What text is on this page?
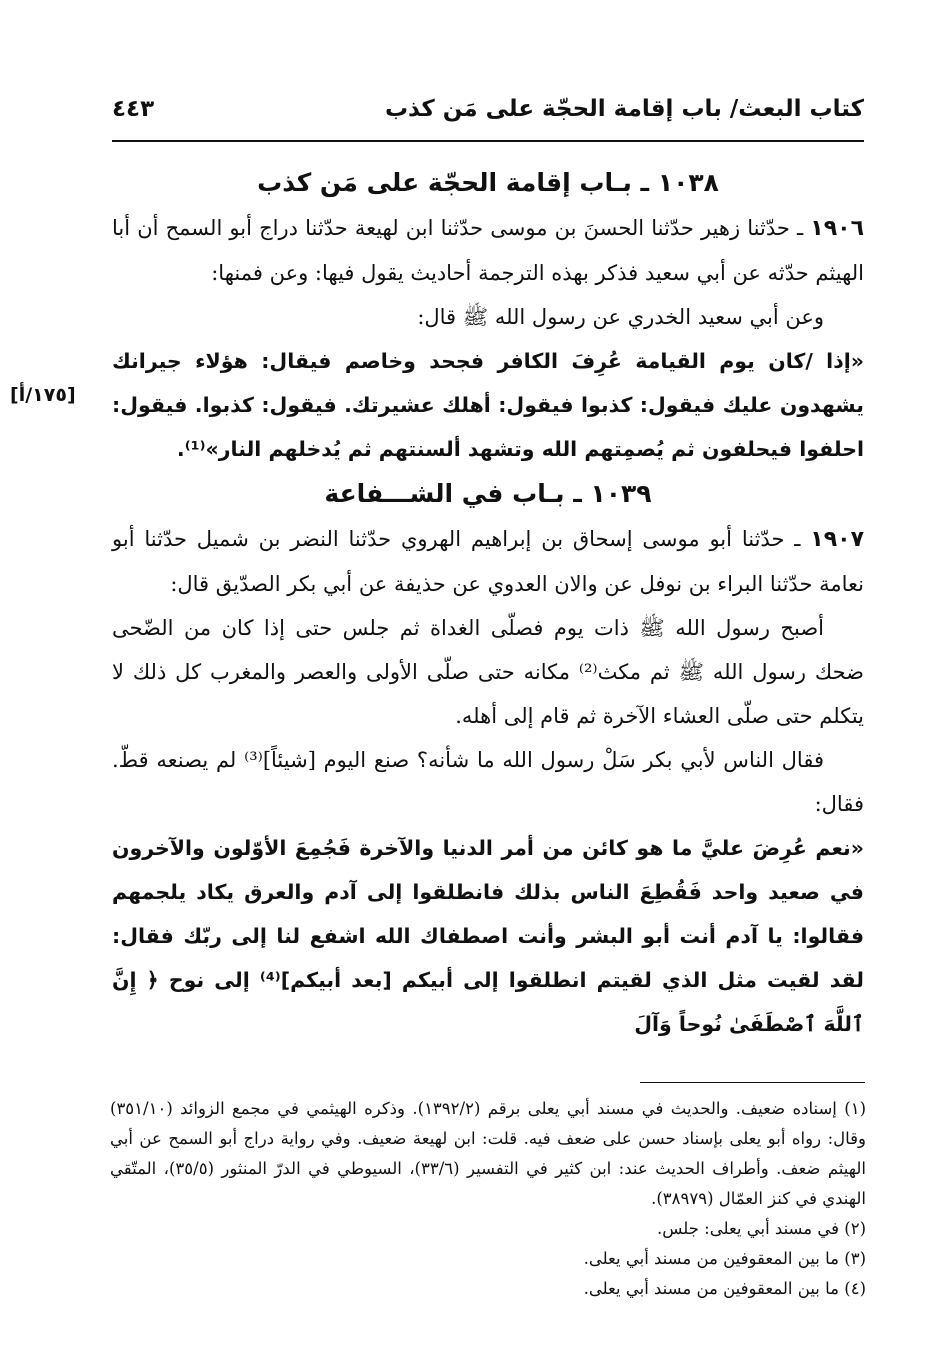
كتاب البعث/ باب إقامة الحجّة على مَن كذب
٤٤٣
[١٧٥/أ]
١٠٣٨ ـ بـاب إقامة الحجّة على مَن كذب

١٩٠٦ ـ حدّثنا زهير حدّثنا الحسنَ بن موسى حدّثنا ابن لهيعة حدّثنا دراج أبو السمح أن أبا الهيثم حدّثه عن أبي سعيد فذكر بهذه الترجمة أحاديث يقول فيها: وعن فمنها:

وعن أبي سعيد الخدري عن رسول الله ﷺ قال:

«إذا /كان يوم القيامة عُرِفَ الكافر فجحد وخاصم فيقال: هؤلاء جيرانك يشهدون عليك فيقول: كذبوا فيقول: أهلك عشيرتك. فيقول: كذبوا. فيقول: احلفوا فيحلفون ثم يُصمِتهم الله وتشهد ألسنتهم ثم يُدخلهم النار»⁽¹⁾.

١٠٣٩ ـ بـاب في الشـــفاعة

١٩٠٧ ـ حدّثنا أبو موسى إسحاق بن إبراهيم الهروي حدّثنا النضر بن شميل حدّثنا أبو نعامة حدّثنا البراء بن نوفل عن والان العدوي عن حذيفة عن أبي بكر الصدّيق قال:

أصبح رسول الله ﷺ ذات يوم فصلّى الغداة ثم جلس حتى إذا كان من الضّحى ضحك رسول الله ﷺ ثم مكث⁽²⁾ مكانه حتى صلّى الأولى والعصر والمغرب كل ذلك لا يتكلم حتى صلّى العشاء الآخرة ثم قام إلى أهله.

فقال الناس لأبي بكر سَلْ رسول الله ما شأنه؟ صنع اليوم [شيئاً]⁽³⁾ لم يصنعه قطّ. فقال:

«نعم عُرِضَ عليَّ ما هو كائن من أمر الدنيا والآخرة فَجُمِعَ الأوّلون والآخرون في صعيد واحد فَقُطِعَ الناس بذلك فانطلقوا إلى آدم والعرق يكاد يلجمهم فقالوا: يا آدم أنت أبو البشر وأنت اصطفاك الله اشفع لنا إلى ربّك فقال: لقد لقيت مثل الذي لقيتم انطلقوا إلى أبيكم [بعد أبيكم]⁽⁴⁾ إلى نوح ﴿ إِنَّ ٱللَّهَ ٱصْطَفَىٰ نُوحاً وَآلَ

(١) إسناده ضعيف. والحديث في مسند أبي يعلى برقم (١٣٩٢/٢). وذكره الهيثمي في مجمع الزوائد (٣٥١/١٠) وقال: رواه أبو يعلى بإسناد حسن على ضعف فيه. قلت: ابن لهيعة ضعيف. وفي رواية دراج أبو السمح عن أبي الهيثم ضعف. وأطراف الحديث عند: ابن كثير في التفسير (٣٣/٦)، السيوطي في الدرّ المنثور (٣٥/٥)، المتّقي الهندي في كنز العمّال (٣٨٩٧٩).

(٢) في مسند أبي يعلى: جلس.

(٣) ما بين المعقوفين من مسند أبي يعلى.

(٤) ما بين المعقوفين من مسند أبي يعلى.
